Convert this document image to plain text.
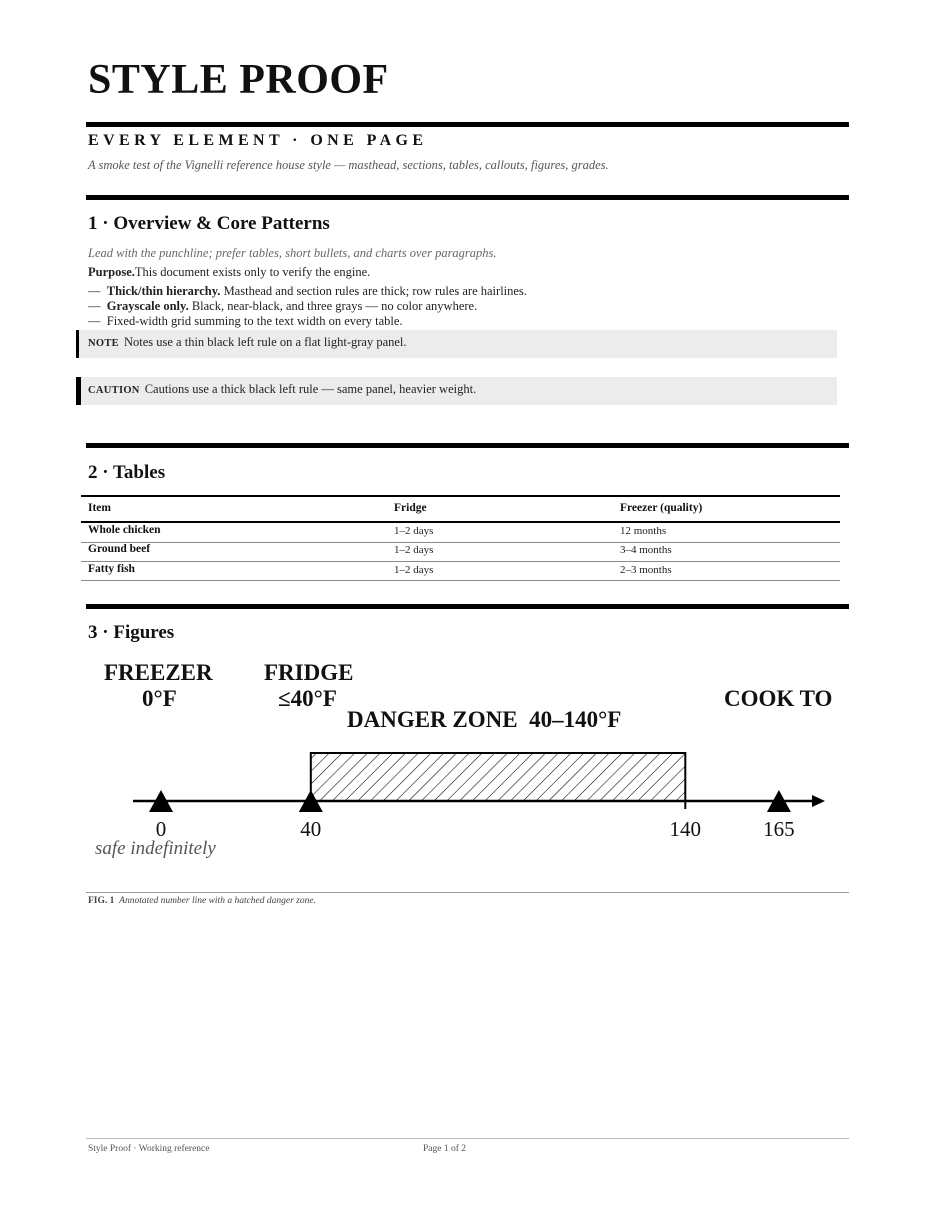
STYLE PROOF
EVERY ELEMENT · ONE PAGE
A smoke test of the Vignelli reference house style — masthead, sections, tables, callouts, figures, grades.
1 · Overview & Core Patterns
Lead with the punchline; prefer tables, short bullets, and charts over paragraphs.
Purpose.This document exists only to verify the engine.
— Thick/thin hierarchy. Masthead and section rules are thick; row rules are hairlines.
— Grayscale only. Black, near-black, and three grays — no color anywhere.
— Fixed-width grid summing to the text width on every table.
NOTE Notes use a thin black left rule on a flat light-gray panel.
CAUTION Cautions use a thick black left rule — same panel, heavier weight.
2 · Tables
Item	Fridge	Freezer (quality)
Whole chicken	1–2 days	12 months
Ground beef	1–2 days	3–4 months
Fatty fish	1–2 days	2–3 months
3 · Figures
FREEZER
0°F
FRIDGE
≤40°F
DANGER ZONE  40–140°F
COOK TO
0	40	140	165
safe indefinitely
FIG. 1 Annotated number line with a hatched danger zone.
Style Proof · Working reference	Page 1 of 2
